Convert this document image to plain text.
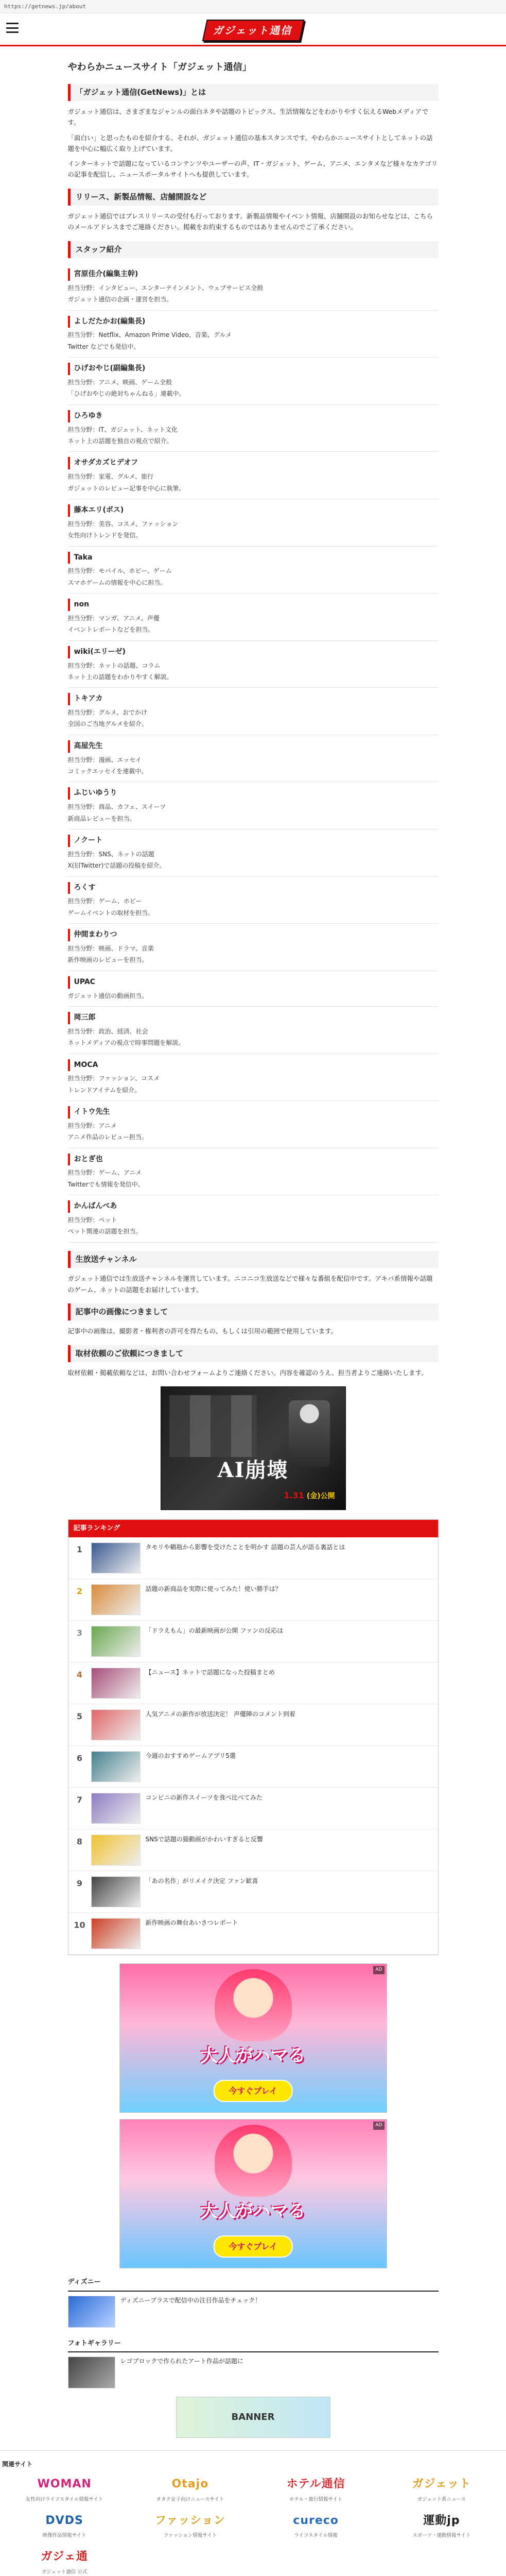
https://getnews.jp/about
ガジェット通信
やわらかニュースサイト「ガジェット通信」
「ガジェット通信(GetNews)」とは

ガジェット通信は、さまざまなジャンルの面白ネタや話題のトピックス、生活情報などをわかりやすく伝えるWebメディアです。

「面白い」と思ったものを紹介する。それが、ガジェット通信の基本スタンスです。やわらかニュースサイトとしてネットの話題を中心に幅広く取り上げています。

インターネットで話題になっているコンテンツやユーザーの声、IT・ガジェット、ゲーム、アニメ、エンタメなど様々なカテゴリの記事を配信し、ニュースポータルサイトへも提供しています。

リリース、新製品情報、店舗開設など

ガジェット通信ではプレスリリースの受付も行っております。新製品情報やイベント情報、店舗開設のお知らせなどは、こちらのメールアドレスまでご連絡ください。掲載をお約束するものではありませんのでご了承ください。

スタッフ紹介
宮原佳介(編集主幹)
担当分野：インタビュー、エンターテインメント、ウェブサービス全般
ガジェット通信の企画・運営を担当。
よしだたかお(編集長)
担当分野：Netflix、Amazon Prime Video、音楽、グルメ
Twitter などでも発信中。
ひげおやじ(副編集長)
担当分野：アニメ、映画、ゲーム全般
「ひげおやじの絶対ちゃんねる」連載中。
ひろゆき
担当分野：IT、ガジェット、ネット文化
ネット上の話題を独自の視点で紹介。
オサダカズヒデオフ
担当分野：家電、グルメ、旅行
ガジェットのレビュー記事を中心に執筆。
藤本エリ(ボス)
担当分野：美容、コスメ、ファッション
女性向けトレンドを発信。
Taka
担当分野：モバイル、ホビー、ゲーム
スマホゲームの情報を中心に担当。
non
担当分野：マンガ、アニメ、声優
イベントレポートなどを担当。
wiki(エリーゼ)
担当分野：ネットの話題、コラム
ネット上の話題をわかりやすく解説。
トキアカ
担当分野：グルメ、おでかけ
全国のご当地グルメを紹介。
高屋先生
担当分野：漫画、エッセイ
コミックエッセイを連載中。
ふじいゆうり
担当分野：商品、カフェ、スイーツ
新商品レビューを担当。
ノクート
担当分野：SNS、ネットの話題
X(旧Twitter)で話題の投稿を紹介。
ろくす
担当分野：ゲーム、ホビー
ゲームイベントの取材を担当。
仲間まわりつ
担当分野：映画、ドラマ、音楽
新作映画のレビューを担当。
UPAC
ガジェット通信の動画担当。
岡三郎
担当分野：政治、経済、社会
ネットメディアの視点で時事問題を解説。
MOCA
担当分野：ファッション、コスメ
トレンドアイテムを紹介。
イトウ先生
担当分野：アニメ
アニメ作品のレビュー担当。
おとぎ也
担当分野：ゲーム、アニメ
Twitterでも情報を発信中。
かんばんべあ
担当分野：ペット
ペット関連の話題を担当。
生放送チャンネル

ガジェット通信では生放送チャンネルを運営しています。ニコニコ生放送などで様々な番組を配信中です。アキバ系情報や話題のゲーム、ネットの話題をお届けしています。

記事中の画像につきまして

記事中の画像は、撮影者・権利者の許可を得たもの、もしくは引用の範囲で使用しています。

取材依頼のご依頼につきまして

取材依頼・掲載依頼などは、お問い合わせフォームよりご連絡ください。内容を確認のうえ、担当者よりご連絡いたします。

AI崩壊
1.31 (金)公開
記事ランキング
1	タモリや鶴瓶から影響を受けたことを明かす 話題の芸人が語る裏話とは
2	話題の新商品を実際に使ってみた！使い勝手は？
3	「ドラえもん」の最新映画が公開 ファンの反応は
4	【ニュース】ネットで話題になった投稿まとめ
5	人気アニメの新作が放送決定！ 声優陣のコメント到着
6	今週のおすすめゲームアプリ5選
7	コンビニの新作スイーツを食べ比べてみた
8	SNSで話題の猫動画がかわいすぎると反響
9	「あの名作」がリメイク決定 ファン歓喜
10	新作映画の舞台あいさつレポート
AD
大人がハマる
今すぐプレイ
AD
大人がハマる
今すぐプレイ
ディズニー
ディズニープラスで配信中の注目作品をチェック！
フォトギャラリー
レゴブロックで作られたアート作品が話題に
BANNER
関連サイト
WOMAN
女性向けライフスタイル情報サイト
Otajo
オタク女子向けニュースサイト
ホテル通信
ホテル・旅行情報サイト
ガジェット
ガジェット系ニュース
DVDS
映像作品情報サイト
ファッション
ファッション情報サイト
cureco
ライフスタイル情報
運動jp
スポーツ・運動情報サイト
ガジェ通
ガジェット通信 公式
